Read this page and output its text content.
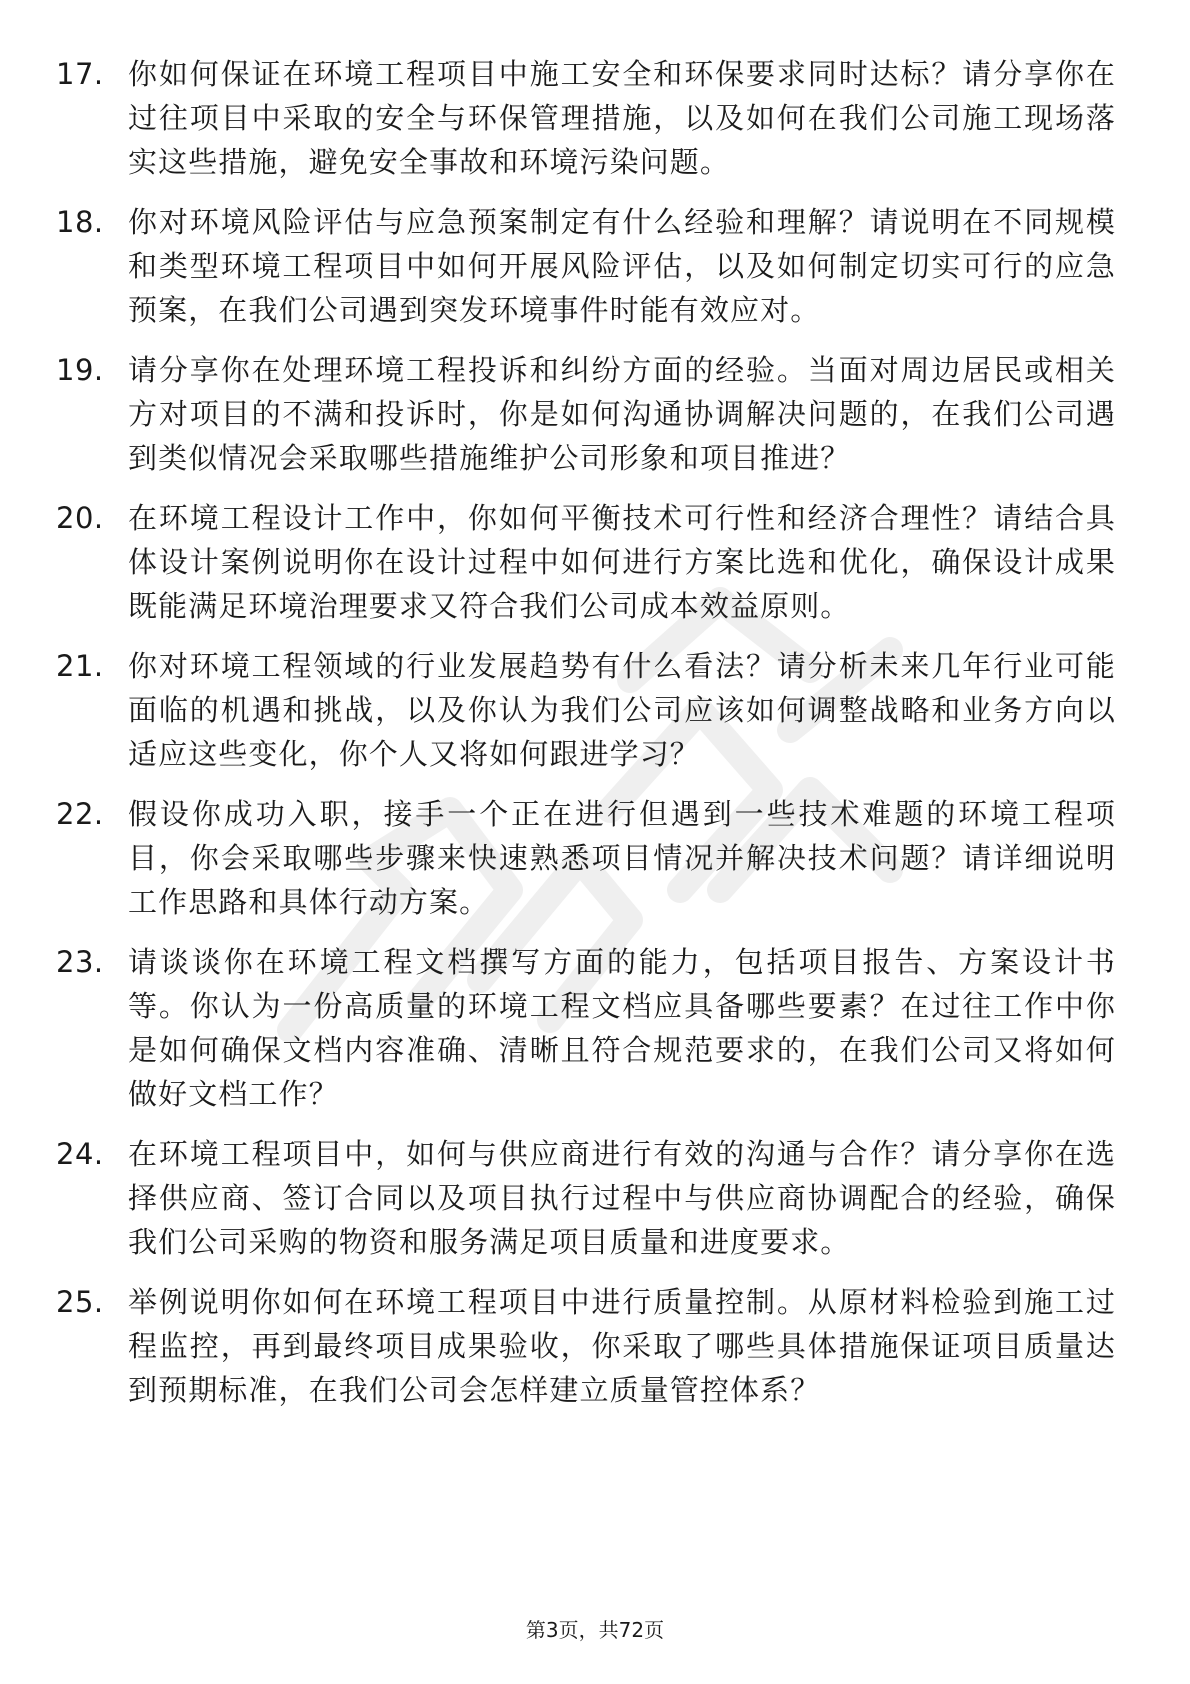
17. 你如何保证在环境工程项目中施工安全和环保要求同时达标？请分享你在过往项目中采取的安全与环保管理措施，以及如何在我们公司施工现场落实这些措施，避免安全事故和环境污染问题。
18. 你对环境风险评估与应急预案制定有什么经验和理解？请说明在不同规模和类型环境工程项目中如何开展风险评估，以及如何制定切实可行的应急预案，在我们公司遇到突发环境事件时能有效应对。
19. 请分享你在处理环境工程投诉和纠纷方面的经验。当面对周边居民或相关方对项目的不满和投诉时，你是如何沟通协调解决问题的，在我们公司遇到类似情况会采取哪些措施维护公司形象和项目推进？
20. 在环境工程设计工作中，你如何平衡技术可行性和经济合理性？请结合具体设计案例说明你在设计过程中如何进行方案比选和优化，确保设计成果既能满足环境治理要求又符合我们公司成本效益原则。
21. 你对环境工程领域的行业发展趋势有什么看法？请分析未来几年行业可能面临的机遇和挑战，以及你认为我们公司应该如何调整战略和业务方向以适应这些变化，你个人又将如何跟进学习？
22. 假设你成功入职，接手一个正在进行但遇到一些技术难题的环境工程项目，你会采取哪些步骤来快速熟悉项目情况并解决技术问题？请详细说明工作思路和具体行动方案。
23. 请谈谈你在环境工程文档撰写方面的能力，包括项目报告、方案设计书等。你认为一份高质量的环境工程文档应具备哪些要素？在过往工作中你是如何确保文档内容准确、清晰且符合规范要求的，在我们公司又将如何做好文档工作？
24. 在环境工程项目中，如何与供应商进行有效的沟通与合作？请分享你在选择供应商、签订合同以及项目执行过程中与供应商协调配合的经验，确保我们公司采购的物资和服务满足项目质量和进度要求。
25. 举例说明你如何在环境工程项目中进行质量控制。从原材料检验到施工过程监控，再到最终项目成果验收，你采取了哪些具体措施保证项目质量达到预期标准，在我们公司会怎样建立质量管控体系？
第3页，共72页
